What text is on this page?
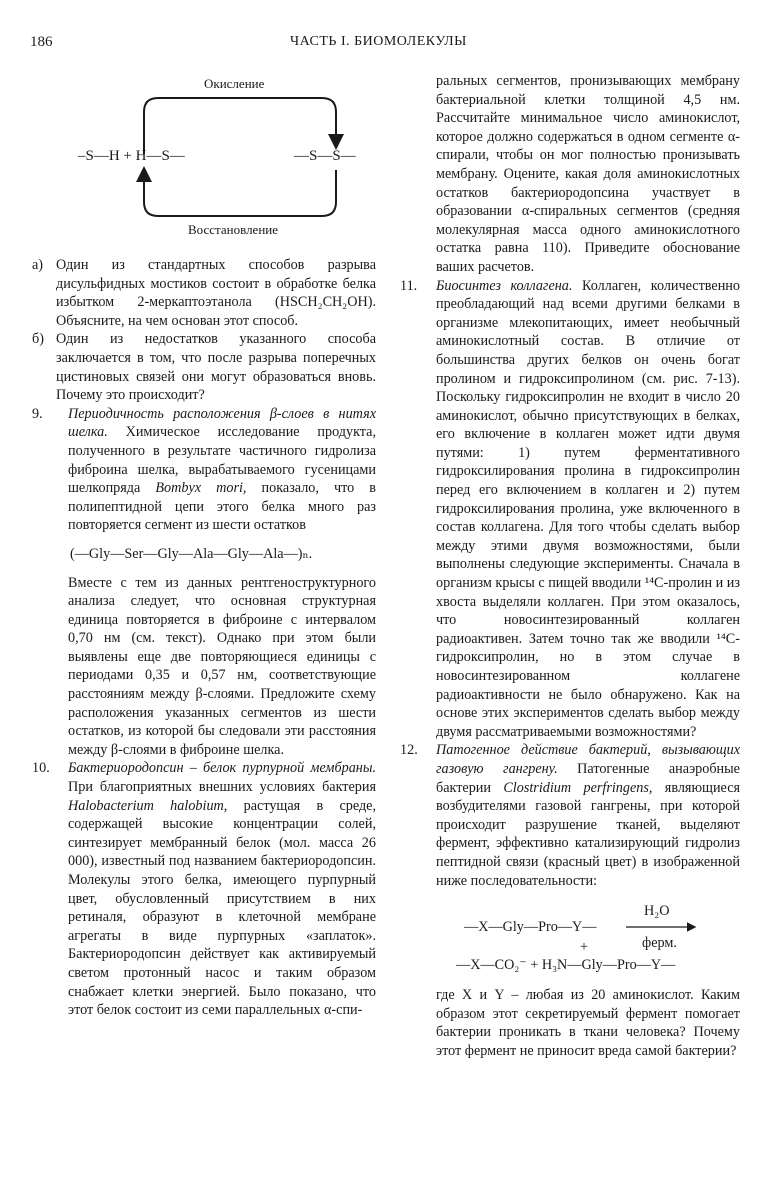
186	ЧАСТЬ I. БИОМОЛЕКУЛЫ
Окисление
–S—H + H—S—	—S—S—
Восстановление
а) Один из стандартных способов разрыва дисульфидных мостиков состоит в обработке белка избытком 2-меркаптоэтанола (HSCH₂CH₂OH). Объясните, на чем основан этот способ.

б) Один из недостатков указанного способа заключается в том, что после разрыва поперечных цистиновых связей они могут образоваться вновь. Почему это происходит?

9.	Периодичность расположения β-слоев в нитях шелка. Химическое исследование продукта, полученного в результате частичного гидролиза фиброина шелка, вырабатываемого гусеницами шелкопряда Bombyx mori, показало, что в полипептидной цепи этого белка много раз повторяется сегмент из шести остатков

(—Gly—Ser—Gly—Ala—Gly—Ala—)ₙ.

Вместе с тем из данных рентгеноструктурного анализа следует, что основная структурная единица повторяется в фиброине с интервалом 0,70 нм (см. текст). Однако при этом были выявлены еще две повторяющиеся единицы с периодами 0,35 и 0,57 нм, соответствующие расстояниям между β-слоями. Предложите схему расположения указанных сегментов из шести остатков, из которой бы следовали эти расстояния между β-слоями в фиброине шелка.

10.	Бактериородопсин – белок пурпурной мембраны. При благоприятных внешних условиях бактерия Halobacterium halobium, растущая в среде, содержащей высокие концентрации солей, синтезирует мембранный белок (мол. масса 26 000), известный под названием бактериородопсин. Молекулы этого белка, имеющего пурпурный цвет, обусловленный присутствием в них ретиналя, образуют в клеточной мембране агрегаты в виде пурпурных «заплаток». Бактериородопсин действует как активируемый светом протонный насос и таким образом снабжает клетки энергией. Было показано, что этот белок состоит из семи параллельных α-спи-

ральных сегментов, пронизывающих мембрану бактериальной клетки толщиной 4,5 нм. Рассчитайте минимальное число аминокислот, которое должно содержаться в одном сегменте α-спирали, чтобы он мог полностью пронизывать мембрану. Оцените, какая доля аминокислотных остатков бактериородопсина участвует в образовании α-спиральных сегментов (средняя молекулярная масса одного аминокислотного остатка равна 110). Приведите обоснование ваших расчетов.

11.	Биосинтез коллагена. Коллаген, количественно преобладающий над всеми другими белками в организме млекопитающих, имеет необычный аминокислотный состав. В отличие от большинства других белков он очень богат пролином и гидроксипролином (см. рис. 7-13). Поскольку гидроксипролин не входит в число 20 аминокислот, обычно присутствующих в белках, его включение в коллаген может идти двумя путями: 1) путем ферментативного гидроксилирования пролина в гидроксипролин перед его включением в коллаген и 2) путем гидроксилирования пролина, уже включенного в состав коллагена. Для того чтобы сделать выбор между этими двумя возможностями, были выполнены следующие эксперименты. Сначала в организм крысы с пищей вводили ¹⁴C-пролин и из хвоста выделяли коллаген. При этом оказалось, что новосинтезированный коллаген радиоактивен. Затем точно так же вводили ¹⁴C-гидроксипролин, но в этом случае в новосинтезированном коллагене радиоактивности не было обнаружено. Как на основе этих экспериментов сделать выбор между двумя рассматриваемыми возможностями?

12.	Патогенное действие бактерий, вызывающих газовую гангрену. Патогенные анаэробные бактерии Clostridium perfringens, являющиеся возбудителями газовой гангрены, при которой происходит разрушение тканей, выделяют фермент, эффективно катализирующий гидролиз пептидной связи (красный цвет) в изображенной ниже последовательности:

—X—Gly—Pro—Y—
H₂O
ферм.
+
—X—CO₂⁻ + H₃N—Gly—Pro—Y—

где X и Y – любая из 20 аминокислот. Каким образом этот секретируемый фермент помогает бактерии проникать в ткани человека? Почему этот фермент не приносит вреда самой бактерии?
